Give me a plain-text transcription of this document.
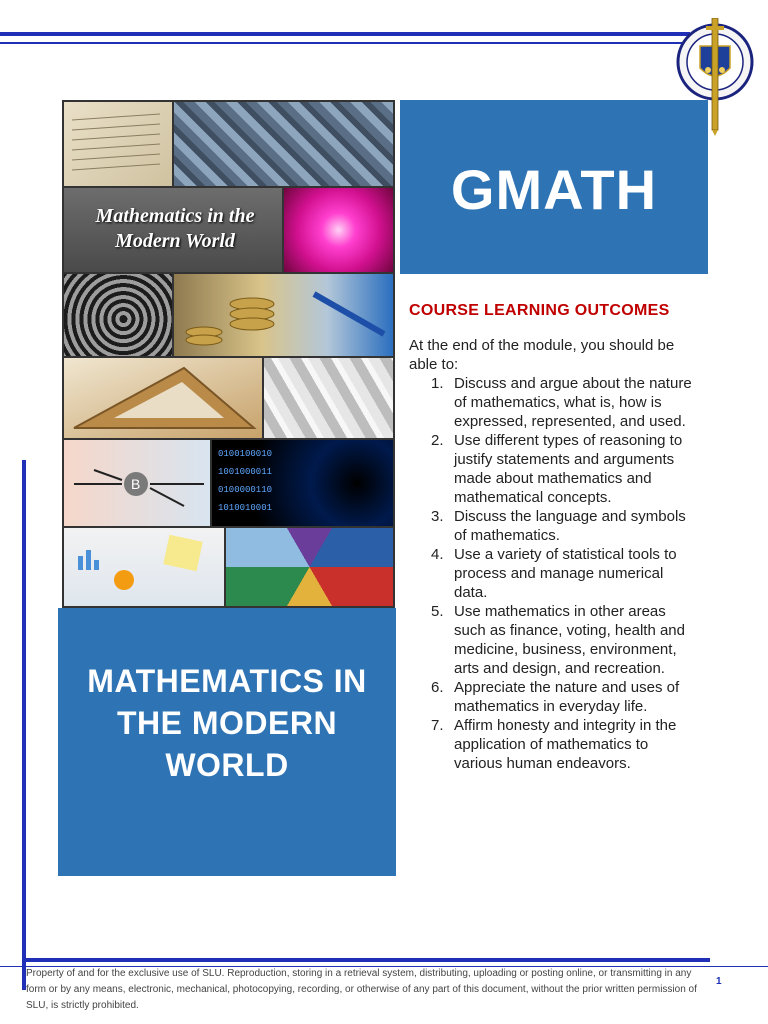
Mathematics in the Modern World
B
0100100010
1001000011
0100000110
1010010001
MATHEMATICS IN THE MODERN WORLD
GMATH
COURSE LEARNING OUTCOMES
At the end of the module, you should be able to:
1. Discuss and argue about the nature of mathematics, what is, how is expressed, represented, and used.
2. Use different types of reasoning to justify statements and arguments made about mathematics and mathematical concepts.
3. Discuss the language and symbols of mathematics.
4. Use a variety of statistical tools to process and manage numerical data.
5. Use mathematics in other areas such as finance, voting, health and medicine, business, environment, arts and design, and recreation.
6. Appreciate the nature and uses of mathematics in everyday life.
7. Affirm honesty and integrity in the application of mathematics to various human endeavors.
Property of and for the exclusive use of SLU. Reproduction, storing in a retrieval system, distributing, uploading or posting online, or transmitting in any form or by any means, electronic, mechanical, photocopying, recording, or otherwise of any part of this document, without the prior written permission of SLU, is strictly prohibited.
1
